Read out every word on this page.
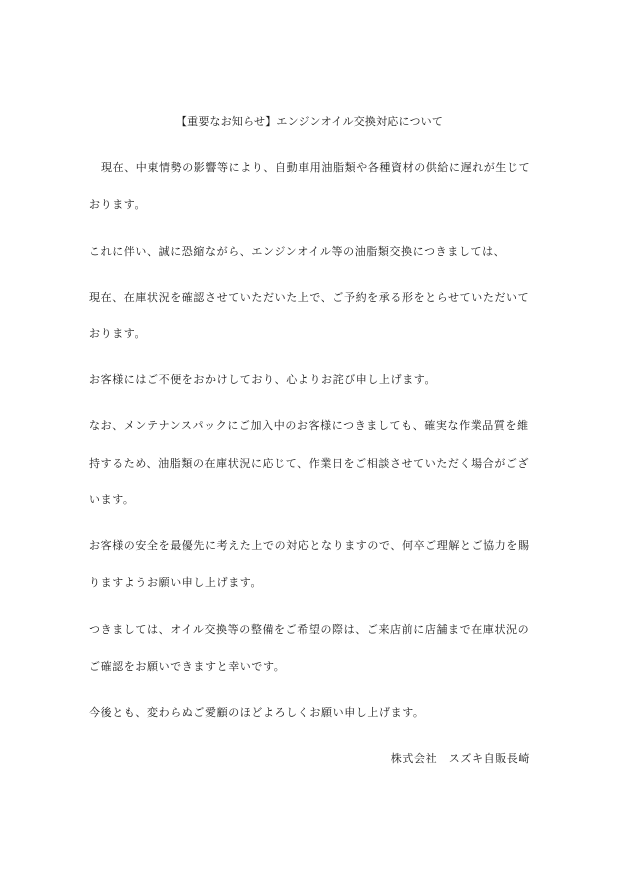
【重要なお知らせ】エンジンオイル交換対応について
現在、中東情勢の影響等により、自動車用油脂類や各種資材の供給に遅れが生じて
おります。
これに伴い、誠に恐縮ながら、エンジンオイル等の油脂類交換につきましては、
現在、在庫状況を確認させていただいた上で、ご予約を承る形をとらせていただいて
おります。
お客様にはご不便をおかけしており、心よりお詫び申し上げます。
なお、メンテナンスパックにご加入中のお客様につきましても、確実な作業品質を維
持するため、油脂類の在庫状況に応じて、作業日をご相談させていただく場合がござ
います。
お客様の安全を最優先に考えた上での対応となりますので、何卒ご理解とご協力を賜
りますようお願い申し上げます。
つきましては、オイル交換等の整備をご希望の際は、ご来店前に店舗まで在庫状況の
ご確認をお願いできますと幸いです。
今後とも、変わらぬご愛顧のほどよろしくお願い申し上げます。
株式会社　スズキ自販長崎
